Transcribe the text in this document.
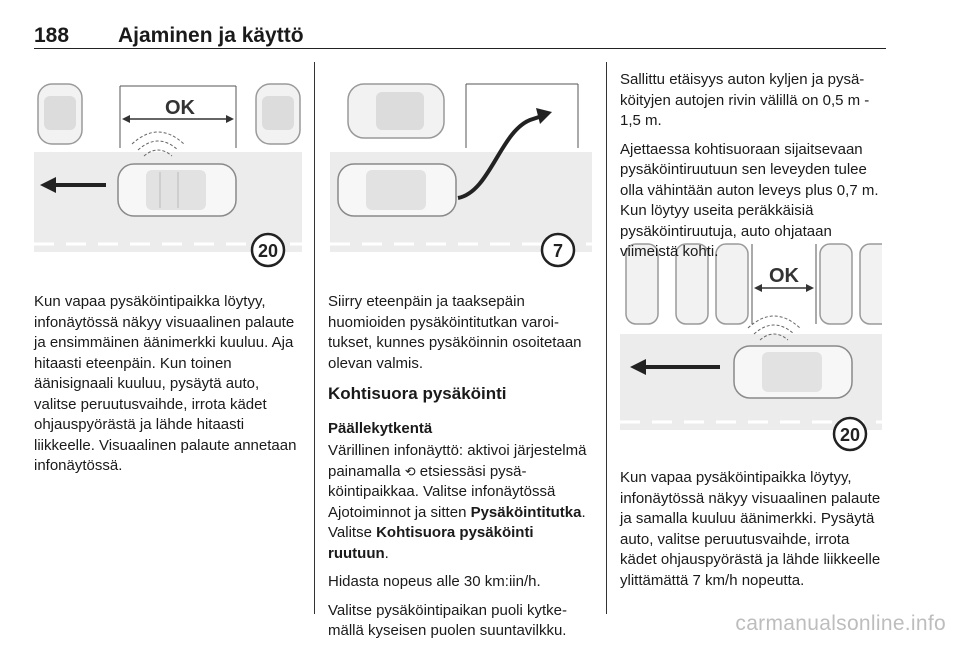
188 Ajaminen ja käyttö
OK
20	7
OK
20

Kun vapaa pysäköintipaikka löytyy, infonäytössä näkyy visuaalinen palaute ja ensimmäinen äänimerkki kuuluu. Aja hitaasti eteenpäin. Kun toinen äänisignaali kuuluu, pysäytä auto, valitse peruutusvaihde, irrota kädet ohjauspyörästä ja lähde hitaasti liikkeelle. Visuaalinen palaute annetaan infonäytössä.

Siirry eteenpäin ja taaksepäin huomioiden pysäköintitutkan varoitukset, kunnes pysäköinnin osoitetaan olevan valmis.

Kohtisuora pysäköinti
Päällekytkentä

Värillinen infonäyttö: aktivoi järjestelmä painamalla ⟲ etsiessäsi pysäköintipaikkaa. Valitse infonäytössä Ajotoiminnot ja sitten Pysäköintitutka. Valitse Kohtisuora pysäköinti ruutuun.

Hidasta nopeus alle 30 km:iin/h.

Valitse pysäköintipaikan puoli kytkemällä kyseisen puolen suuntavilkku.

Sallittu etäisyys auton kyljen ja pysäköityjen autojen rivin välillä on 0,5 m - 1,5 m.

Ajettaessa kohtisuoraan sijaitsevaan pysäköintiruutuun sen leveyden tulee olla vähintään auton leveys plus 0,7 m. Kun löytyy useita peräkkäisiä pysäköintiruutuja, auto ohjataan viimeistä kohti.

Kun vapaa pysäköintipaikka löytyy, infonäytössä näkyy visuaalinen palaute ja samalla kuuluu äänimerkki. Pysäytä auto, valitse peruutusvaihde, irrota kädet ohjauspyörästä ja lähde liikkeelle ylittämättä 7 km/h nopeutta.

carmanualsonline.info
